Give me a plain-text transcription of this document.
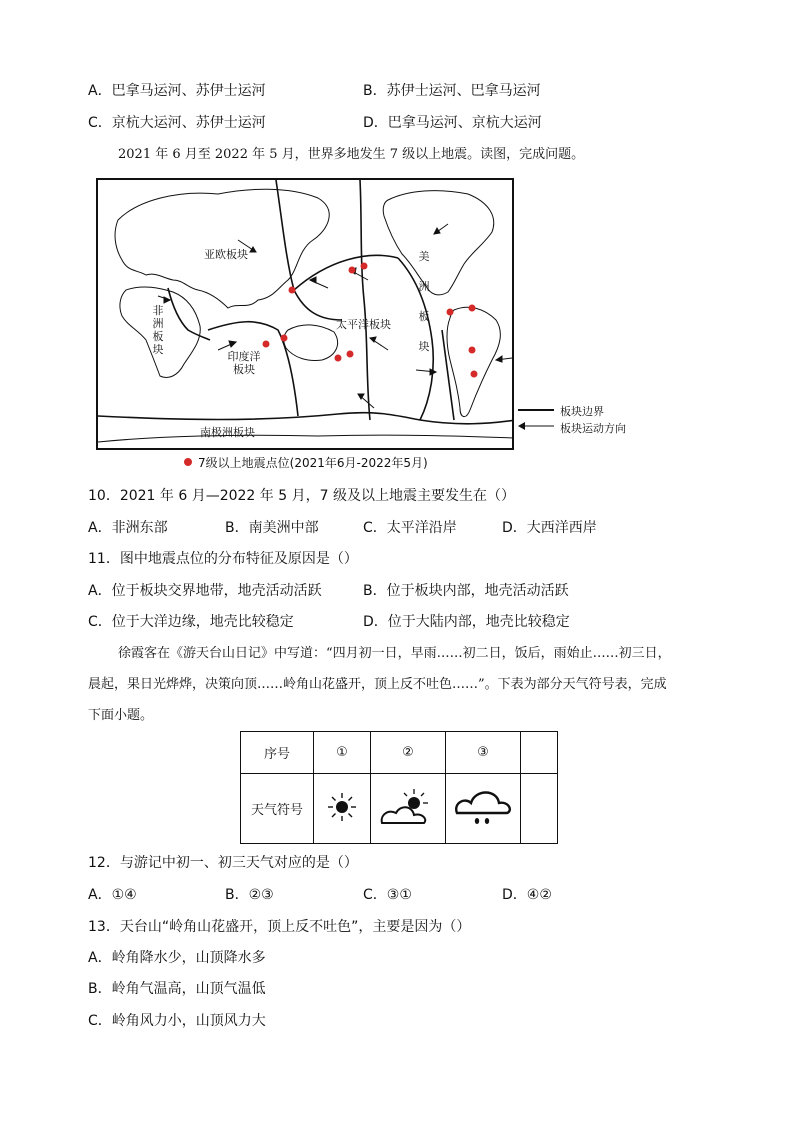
A．巴拿马运河、苏伊士运河	B．苏伊士运河、巴拿马运河
C．京杭大运河、苏伊士运河	D．巴拿马运河、京杭大运河
2021 年 6 月至 2022 年 5 月，世界多地发生 7 级以上地震。读图，完成问题。
亚欧板块
非洲板块
印度洋板块
太平洋板块
美洲板块
南极洲板块
板块边界
板块运动方向
7级以上地震点位(2021年6月-2022年5月)
10．2021 年 6 月—2022 年 5 月，7 级及以上地震主要发生在（）
A．非洲东部	B．南美洲中部	C．太平洋沿岸	D．大西洋西岸
11．图中地震点位的分布特征及原因是（）
A．位于板块交界地带，地壳活动活跃	B．位于板块内部，地壳活动活跃
C．位于大洋边缘，地壳比较稳定	D．位于大陆内部，地壳比较稳定
徐霞客在《游天台山日记》中写道：“四月初一日，早雨……初二日，饭后，雨始止……初三日，
晨起，果日光烨烨，决策向顶……岭角山花盛开，顶上反不吐色……”。下表为部分天气符号表，完成
下面小题。
序号	①	②	③	
天气符号				
12．与游记中初一、初三天气对应的是（）
A．①④	B．②③	C．③①	D．④②
13．天台山“岭角山花盛开，顶上反不吐色”，主要是因为（）
A．岭角降水少，山顶降水多
B．岭角气温高，山顶气温低
C．岭角风力小，山顶风力大
